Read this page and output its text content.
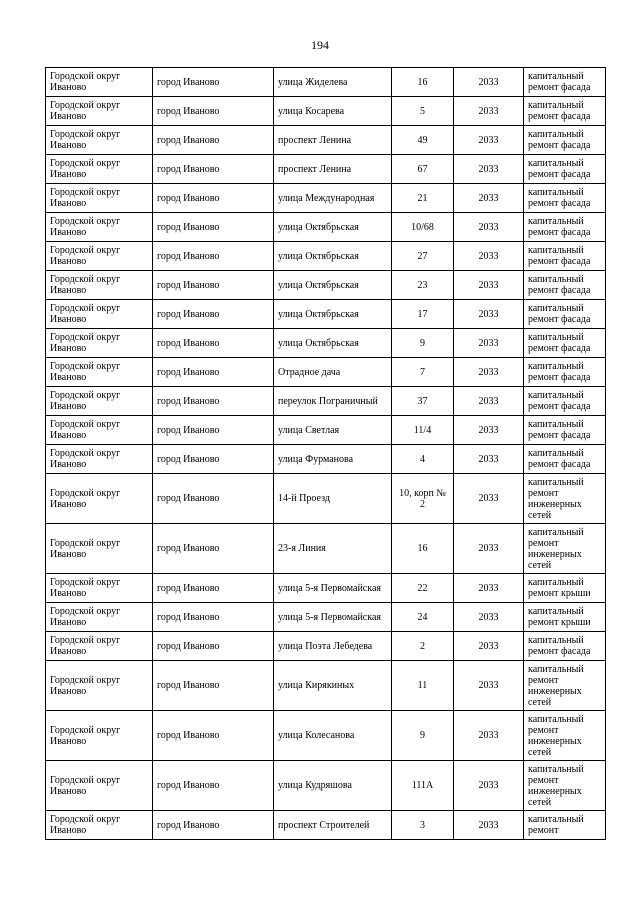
194
Городской округ Иваново	город Иваново	улица Жиделева	16	2033	капитальный ремонт фасада
Городской округ Иваново	город Иваново	улица Косарева	5	2033	капитальный ремонт фасада
Городской округ Иваново	город Иваново	проспект Ленина	49	2033	капитальный ремонт фасада
Городской округ Иваново	город Иваново	проспект Ленина	67	2033	капитальный ремонт фасада
Городской округ Иваново	город Иваново	улица Международная	21	2033	капитальный ремонт фасада
Городской округ Иваново	город Иваново	улица Октябрьская	10/68	2033	капитальный ремонт фасада
Городской округ Иваново	город Иваново	улица Октябрьская	27	2033	капитальный ремонт фасада
Городской округ Иваново	город Иваново	улица Октябрьская	23	2033	капитальный ремонт фасада
Городской округ Иваново	город Иваново	улица Октябрьская	17	2033	капитальный ремонт фасада
Городской округ Иваново	город Иваново	улица Октябрьская	9	2033	капитальный ремонт фасада
Городской округ Иваново	город Иваново	Отрадное дача	7	2033	капитальный ремонт фасада
Городской округ Иваново	город Иваново	переулок Пограничный	37	2033	капитальный ремонт фасада
Городской округ Иваново	город Иваново	улица Светлая	11/4	2033	капитальный ремонт фасада
Городской округ Иваново	город Иваново	улица Фурманова	4	2033	капитальный ремонт фасада
Городской округ Иваново	город Иваново	14-й Проезд	10, корп № 2	2033	капитальный ремонт инженерных сетей
Городской округ Иваново	город Иваново	23-я Линия	16	2033	капитальный ремонт инженерных сетей
Городской округ Иваново	город Иваново	улица 5-я Первомайская	22	2033	капитальный ремонт крыши
Городской округ Иваново	город Иваново	улица 5-я Первомайская	24	2033	капитальный ремонт крыши
Городской округ Иваново	город Иваново	улица Поэта Лебедева	2	2033	капитальный ремонт фасада
Городской округ Иваново	город Иваново	улица Кирякиных	11	2033	капитальный ремонт инженерных сетей
Городской округ Иваново	город Иваново	улица Колесанова	9	2033	капитальный ремонт инженерных сетей
Городской округ Иваново	город Иваново	улица Кудряшова	111А	2033	капитальный ремонт инженерных сетей
Городской округ Иваново	город Иваново	проспект Строителей	3	2033	капитальный ремонт
